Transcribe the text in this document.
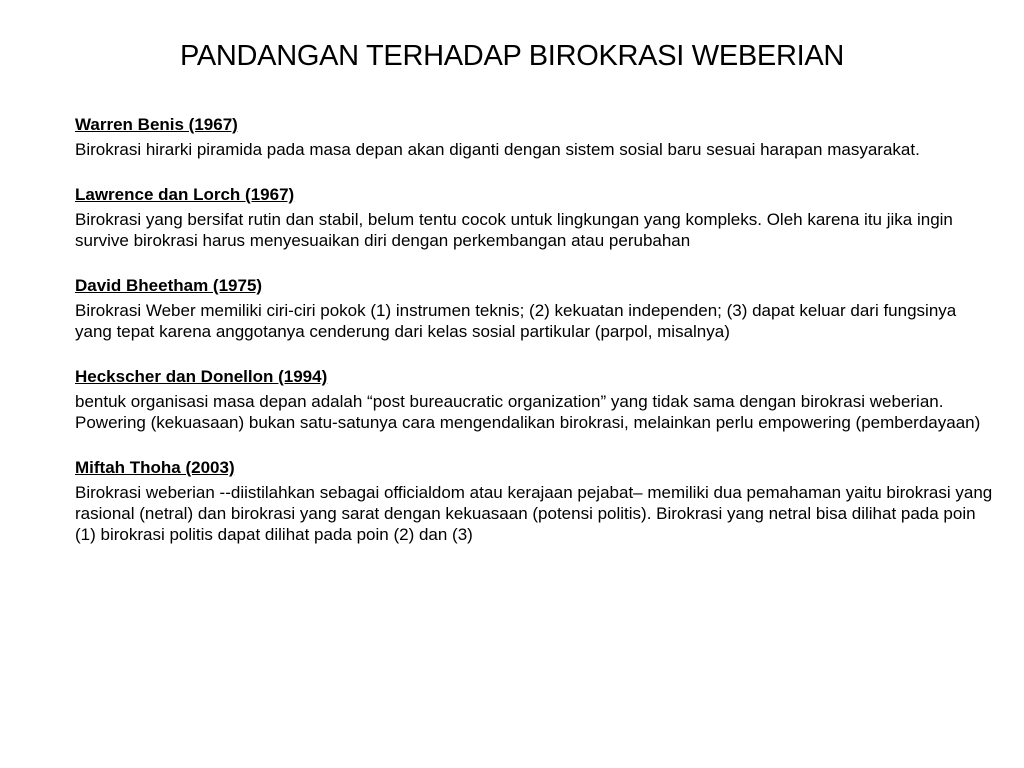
PANDANGAN TERHADAP BIROKRASI WEBERIAN

Warren Benis (1967)

Birokrasi hirarki piramida pada masa depan akan diganti dengan sistem sosial baru sesuai harapan masyarakat.

Lawrence dan Lorch (1967)

Birokrasi yang bersifat rutin dan stabil, belum tentu cocok untuk lingkungan yang kompleks. Oleh karena itu jika ingin survive birokrasi harus menyesuaikan diri dengan perkembangan atau perubahan

David Bheetham (1975)

Birokrasi Weber memiliki ciri-ciri pokok (1) instrumen teknis; (2) kekuatan independen; (3) dapat keluar dari fungsinya yang tepat karena anggotanya cenderung dari kelas sosial partikular (parpol, misalnya)

Heckscher dan Donellon (1994)

bentuk organisasi masa depan adalah “post bureaucratic organization” yang tidak sama dengan birokrasi weberian. Powering (kekuasaan) bukan satu-satunya cara mengendalikan birokrasi, melainkan perlu empowering (pemberdayaan)

Miftah Thoha (2003)

Birokrasi weberian --diistilahkan sebagai officialdom atau kerajaan pejabat– memiliki dua pemahaman yaitu birokrasi yang rasional (netral) dan birokrasi yang sarat dengan kekuasaan (potensi politis). Birokrasi yang netral bisa dilihat pada poin (1) birokrasi politis dapat dilihat pada poin (2) dan (3)
